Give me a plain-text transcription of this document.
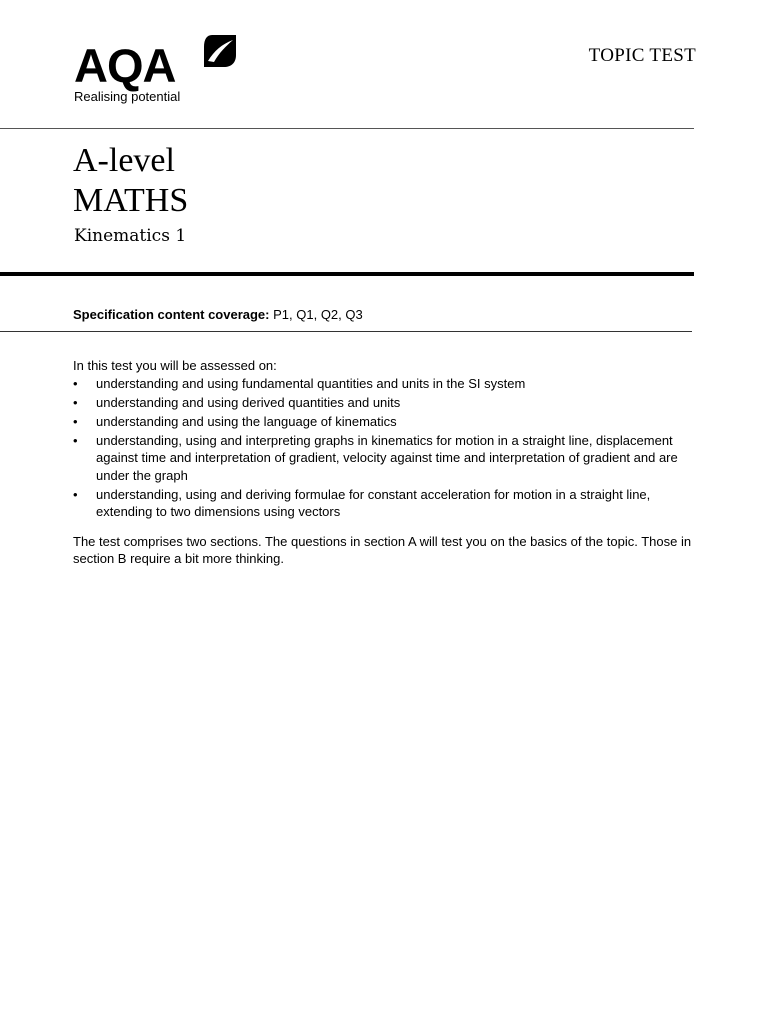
AQA
Realising potential
TOPIC TEST
A-level
MATHS
Kinematics 1
Specification content coverage: P1, Q1, Q2, Q3

In this test you will be assessed on:

• understanding and using fundamental quantities and units in the SI system
• understanding and using derived quantities and units
• understanding and using the language of kinematics
• understanding, using and interpreting graphs in kinematics for motion in a straight line, displacement against time and interpretation of gradient, velocity against time and interpretation of gradient and are under the graph
• understanding, using and deriving formulae for constant acceleration for motion in a straight line, extending to two dimensions using vectors

The test comprises two sections. The questions in section A will test you on the basics of the topic. Those in section B require a bit more thinking.
